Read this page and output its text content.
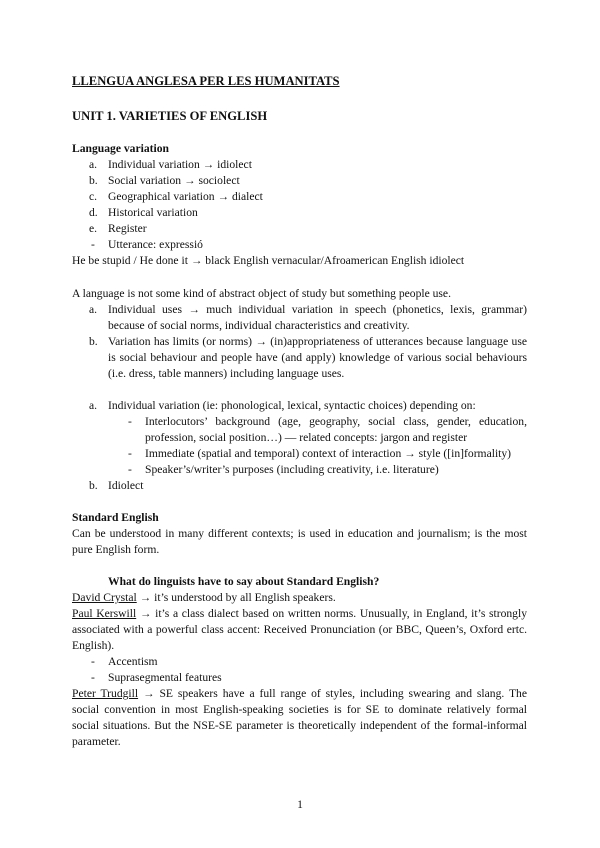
LLENGUA ANGLESA PER LES HUMANITATS
UNIT 1. VARIETIES OF ENGLISH
Language variation
a. Individual variation → idiolect
b. Social variation → sociolect
c. Geographical variation → dialect
d. Historical variation
e. Register
- Utterance: expressió
He be stupid / He done it → black English vernacular/Afroamerican English idiolect
A language is not some kind of abstract object of study but something people use.
a. Individual uses → much individual variation in speech (phonetics, lexis, grammar) because of social norms, individual characteristics and creativity.
b. Variation has limits (or norms) → (in)appropriateness of utterances because language use is social behaviour and people have (and apply) knowledge of various social behaviours (i.e. dress, table manners) including language uses.
a. Individual variation (ie: phonological, lexical, syntactic choices) depending on:
- Interlocutors’ background (age, geography, social class, gender, education, profession, social position…) — related concepts: jargon and register
- Immediate (spatial and temporal) context of interaction → style ([in]formality)
- Speaker’s/writer’s purposes (including creativity, i.e. literature)
b. Idiolect
Standard English
Can be understood in many different contexts; is used in education and journalism; is the most pure English form.
What do linguists have to say about Standard English?
David Crystal → it’s understood by all English speakers.
Paul Kerswill → it’s a class dialect based on written norms. Unusually, in England, it’s strongly associated with a powerful class accent: Received Pronunciation (or BBC, Queen’s, Oxford ertc. English).
- Accentism
- Suprasegmental features
Peter Trudgill → SE speakers have a full range of styles, including swearing and slang. The social convention in most English-speaking societies is for SE to dominate relatively formal social situations. But the NSE-SE parameter is theoretically independent of the formal-informal parameter.
1
